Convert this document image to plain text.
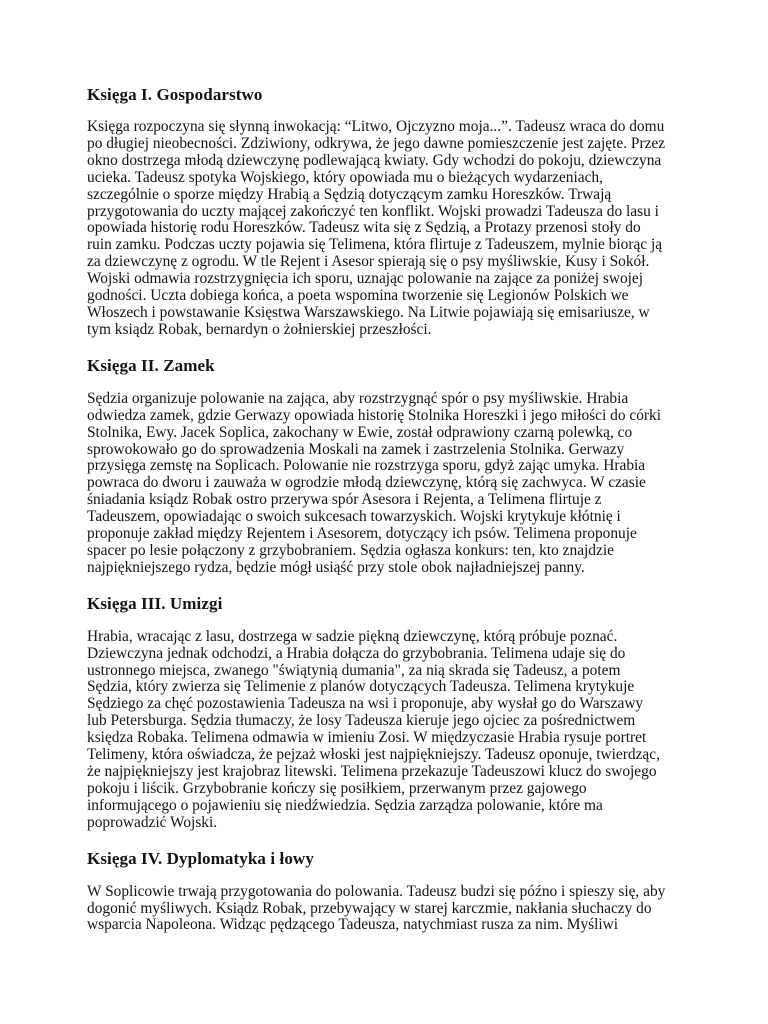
Księga I. Gospodarstwo

Księga rozpoczyna się słynną inwokacją: “Litwo, Ojczyzno moja...”. Tadeusz wraca do domu
po długiej nieobecności. Zdziwiony, odkrywa, że jego dawne pomieszczenie jest zajęte. Przez
okno dostrzega młodą dziewczynę podlewającą kwiaty. Gdy wchodzi do pokoju, dziewczyna
ucieka. Tadeusz spotyka Wojskiego, który opowiada mu o bieżących wydarzeniach,
szczególnie o sporze między Hrabią a Sędzią dotyczącym zamku Horeszków. Trwają
przygotowania do uczty mającej zakończyć ten konflikt. Wojski prowadzi Tadeusza do lasu i
opowiada historię rodu Horeszków. Tadeusz wita się z Sędzią, a Protazy przenosi stoły do
ruin zamku. Podczas uczty pojawia się Telimena, która flirtuje z Tadeuszem, mylnie biorąc ją
za dziewczynę z ogrodu. W tle Rejent i Asesor spierają się o psy myśliwskie, Kusy i Sokół.
Wojski odmawia rozstrzygnięcia ich sporu, uznając polowanie na zające za poniżej swojej
godności. Uczta dobiega końca, a poeta wspomina tworzenie się Legionów Polskich we
Włoszech i powstawanie Księstwa Warszawskiego. Na Litwie pojawiają się emisariusze, w
tym ksiądz Robak, bernardyn o żołnierskiej przeszłości.

Księga II. Zamek

Sędzia organizuje polowanie na zająca, aby rozstrzygnąć spór o psy myśliwskie. Hrabia
odwiedza zamek, gdzie Gerwazy opowiada historię Stolnika Horeszki i jego miłości do córki
Stolnika, Ewy. Jacek Soplica, zakochany w Ewie, został odprawiony czarną polewką, co
sprowokowało go do sprowadzenia Moskali na zamek i zastrzelenia Stolnika. Gerwazy
przysięga zemstę na Soplicach. Polowanie nie rozstrzyga sporu, gdyż zając umyka. Hrabia
powraca do dworu i zauważa w ogrodzie młodą dziewczynę, którą się zachwyca. W czasie
śniadania ksiądz Robak ostro przerywa spór Asesora i Rejenta, a Telimena flirtuje z
Tadeuszem, opowiadając o swoich sukcesach towarzyskich. Wojski krytykuje kłótnię i
proponuje zakład między Rejentem i Asesorem, dotyczący ich psów. Telimena proponuje
spacer po lesie połączony z grzybobraniem. Sędzia ogłasza konkurs: ten, kto znajdzie
najpiękniejszego rydza, będzie mógł usiąść przy stole obok najładniejszej panny.

Księga III. Umizgi

Hrabia, wracając z lasu, dostrzega w sadzie piękną dziewczynę, którą próbuje poznać.
Dziewczyna jednak odchodzi, a Hrabia dołącza do grzybobrania. Telimena udaje się do
ustronnego miejsca, zwanego "świątynią dumania", za nią skrada się Tadeusz, a potem
Sędzia, który zwierza się Telimenie z planów dotyczących Tadeusza. Telimena krytykuje
Sędziego za chęć pozostawienia Tadeusza na wsi i proponuje, aby wysłał go do Warszawy
lub Petersburga. Sędzia tłumaczy, że losy Tadeusza kieruje jego ojciec za pośrednictwem
księdza Robaka. Telimena odmawia w imieniu Zosi. W międzyczasie Hrabia rysuje portret
Telimeny, która oświadcza, że pejzaż włoski jest najpiękniejszy. Tadeusz oponuje, twierdząc,
że najpiękniejszy jest krajobraz litewski. Telimena przekazuje Tadeuszowi klucz do swojego
pokoju i liścik. Grzybobranie kończy się posiłkiem, przerwanym przez gajowego
informującego o pojawieniu się niedźwiedzia. Sędzia zarządza polowanie, które ma
poprowadzić Wojski.

Księga IV. Dyplomatyka i łowy

W Soplicowie trwają przygotowania do polowania. Tadeusz budzi się późno i spieszy się, aby
dogonić myśliwych. Ksiądz Robak, przebywający w starej karczmie, nakłania słuchaczy do
wsparcia Napoleona. Widząc pędzącego Tadeusza, natychmiast rusza za nim. Myśliwi
